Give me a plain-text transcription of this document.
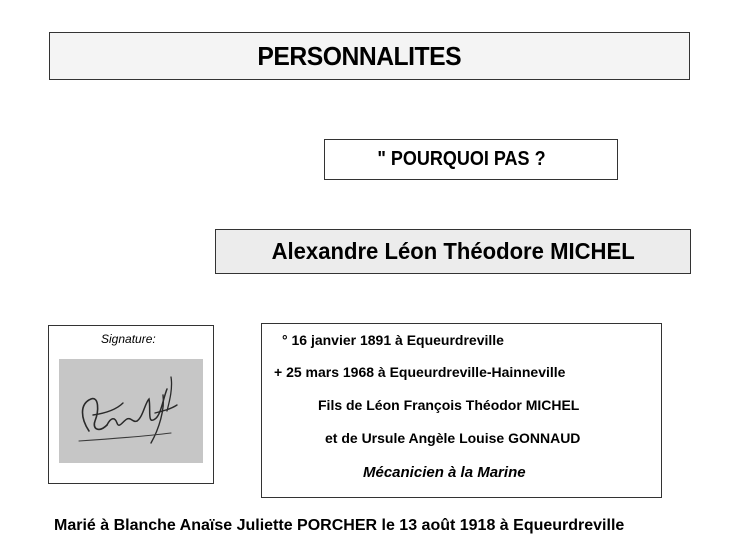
PERSONNALITES
" POURQUOI PAS ?
Alexandre Léon Théodore MICHEL
Signature:	° 16 janvier 1891 à Equeurdreville
+ 25 mars 1968 à Equeurdreville-Hainneville
Fils de Léon François Théodor MICHEL
et de Ursule Angèle Louise GONNAUD
Mécanicien à la Marine
Marié à Blanche Anaïse Juliette PORCHER le 13 août 1918 à Equeurdreville
